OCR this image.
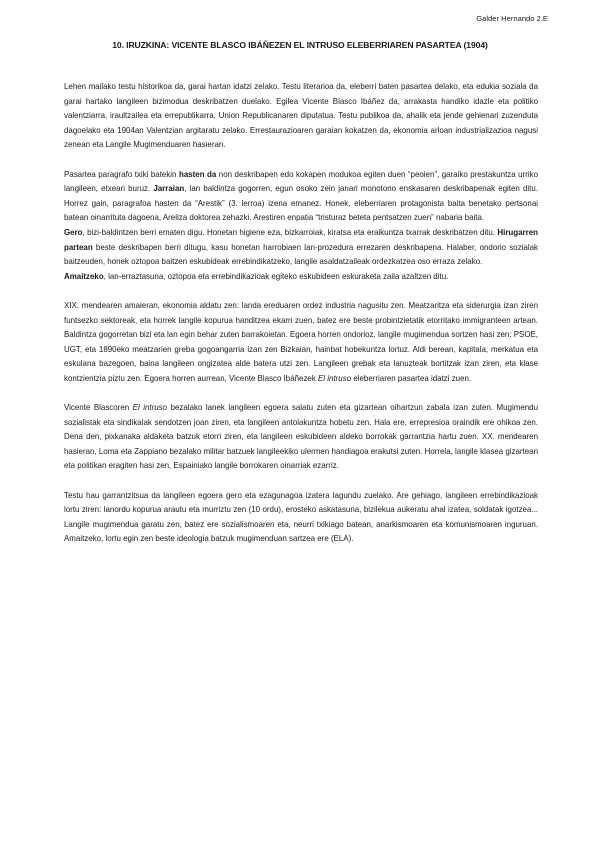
Galder Hernando 2.E
10. IRUZKINA: VICENTE BLASCO IBÁÑEZEN EL INTRUSO ELEBERRIAREN PASARTEA (1904)

Lehen mailako testu historikoa da, garai hartan idatzi zelako. Testu literarioa da, eleberri baten pasartea delako, eta edukia soziala da garai hartako langileen bizimodua deskribatzen duelako. Egilea Vicente Blasco Ibáñez da, arrakasta handiko idazle eta politiko valentziarra, iraultzailea eta errepublikarra, Union Republicanaren diputatua. Testu publikoa da, ahalik eta jende gehienari zuzenduta dagoelako eta 1904an Valentzian argitaratu zelako. Errestaurazioaren garaian kokatzen da, ekonomia arloan industrializazioa nagusi zenean eta Langile Mugimenduaren hasieran.

Pasartea paragrafo txiki batekin hasten da non deskribapen edo kokapen modukoa egiten duen “peoien”, garaiko prestakuntza urriko langileen, etxeari buruz. Jarraian, lan baldintza gogorren, egun osoko zein janari monotono enskasaren deskribapenak egiten ditu. Horrez gain, paragrafoa hasten da “Arestik” (3. lerroa) izena emanez. Honek, eleberriaren protagonista baita benetako pertsonai batean oinarrituta dagoena, Areilza doktorea zehazki. Arestiren enpatia “tristuraz beteta pentsatzen zuen” nabaria baita.

Gero, bizi-baldintzen berri ematen digu. Honetan higiene eza, bizkarroiak, kiratsa eta eraikuntza txarrak deskribatzen ditu. Hirugarren partean beste deskribapen berri ditugu, kasu honetan harrobiaen lan-prozedura errezaren deskribapena. Halaber, ondorio sozialak baitzeuden, honek oztopoa baitzen eskubideak errebindikatzeko, langile asaldatzaileak ordezkatzea oso erraza zelako.

Amaitzeko, lan-erraztasuna, oztopoa eta errebindikazioak egiteko eskubideen eskuraketa zaila azaltzen ditu.

XIX. mendearen amaieran, ekonomia aldatu zen: landa ereduaren ordez industria nagusitu zen. Meatzaritza eta siderurgia izan ziren funtsezko sektoreak, eta horrek langile kopurua handitzea ekarri zuen, batez ere beste probintzietatik etorritako immigranteen artean. Baldintza gogorretan bizi eta lan egin behar zuten barrakoietan. Egoera horren ondorioz, langile mugimendua sortzen hasi zen: PSOE, UGT, eta 1890eko meatzarien greba gogoangarria izan zen Bizkaian, hainbat hobekuntza lortuz. Aldi berean, kapitala, merkatua eta eskulana bazegoen, baina langileen ongizatea alde batera utzi zen. Langileen grebak eta lanuzteak bortitzak izan ziren, eta klase kontzientzia piztu zen. Egoera horren aurrean, Vicente Blasco Ibáñezek El intruso eleberriaren pasartea idatzi zuen.

Vicente Blascoren El intruso bezalako lanek langileen egoera salatu zuten eta gizartean oihartzun zabala izan zuten. Mugimendu sozialistak eta sindikalak sendotzen joan ziren, eta langileen antolakuntza hobetu zen. Hala ere, errepresioa oraindik ere ohikoa zen. Dena den, pixkanaka aldaketa batzuk etorri ziren, eta langileen eskubideen aldeko borrokak garrantzia hartu zuen. XX. mendearen hasieran, Loma eta Zappiano bezalako militar batzuek langileekiko ulermen handiagoa erakutsi zuten. Horrela, langile klasea gizartean eta politikan eragiten hasi zen, Espainiako langile borrokaren oinarriak ezarriz.

Testu hau garrantzitsua da langileen egoera gero eta ezagunagoa izatera lagundu zuelako. Are gehiago, langileen errebindikazioak lortu ziren: lanordu kopurua arautu eta murriztu zen (10 ordu), erosteko askatasuna, bizilekua aukeratu ahal izatea, soldatak igotzea... Langile mugimendua garatu zen, batez ere sozialismoaren eta, neurri txikiago batean, anarkismoaren eta komunismoaren inguruan. Amaitzeko, lortu egin zen beste ideologia batzuk mugimenduan sartzea ere (ELA).
